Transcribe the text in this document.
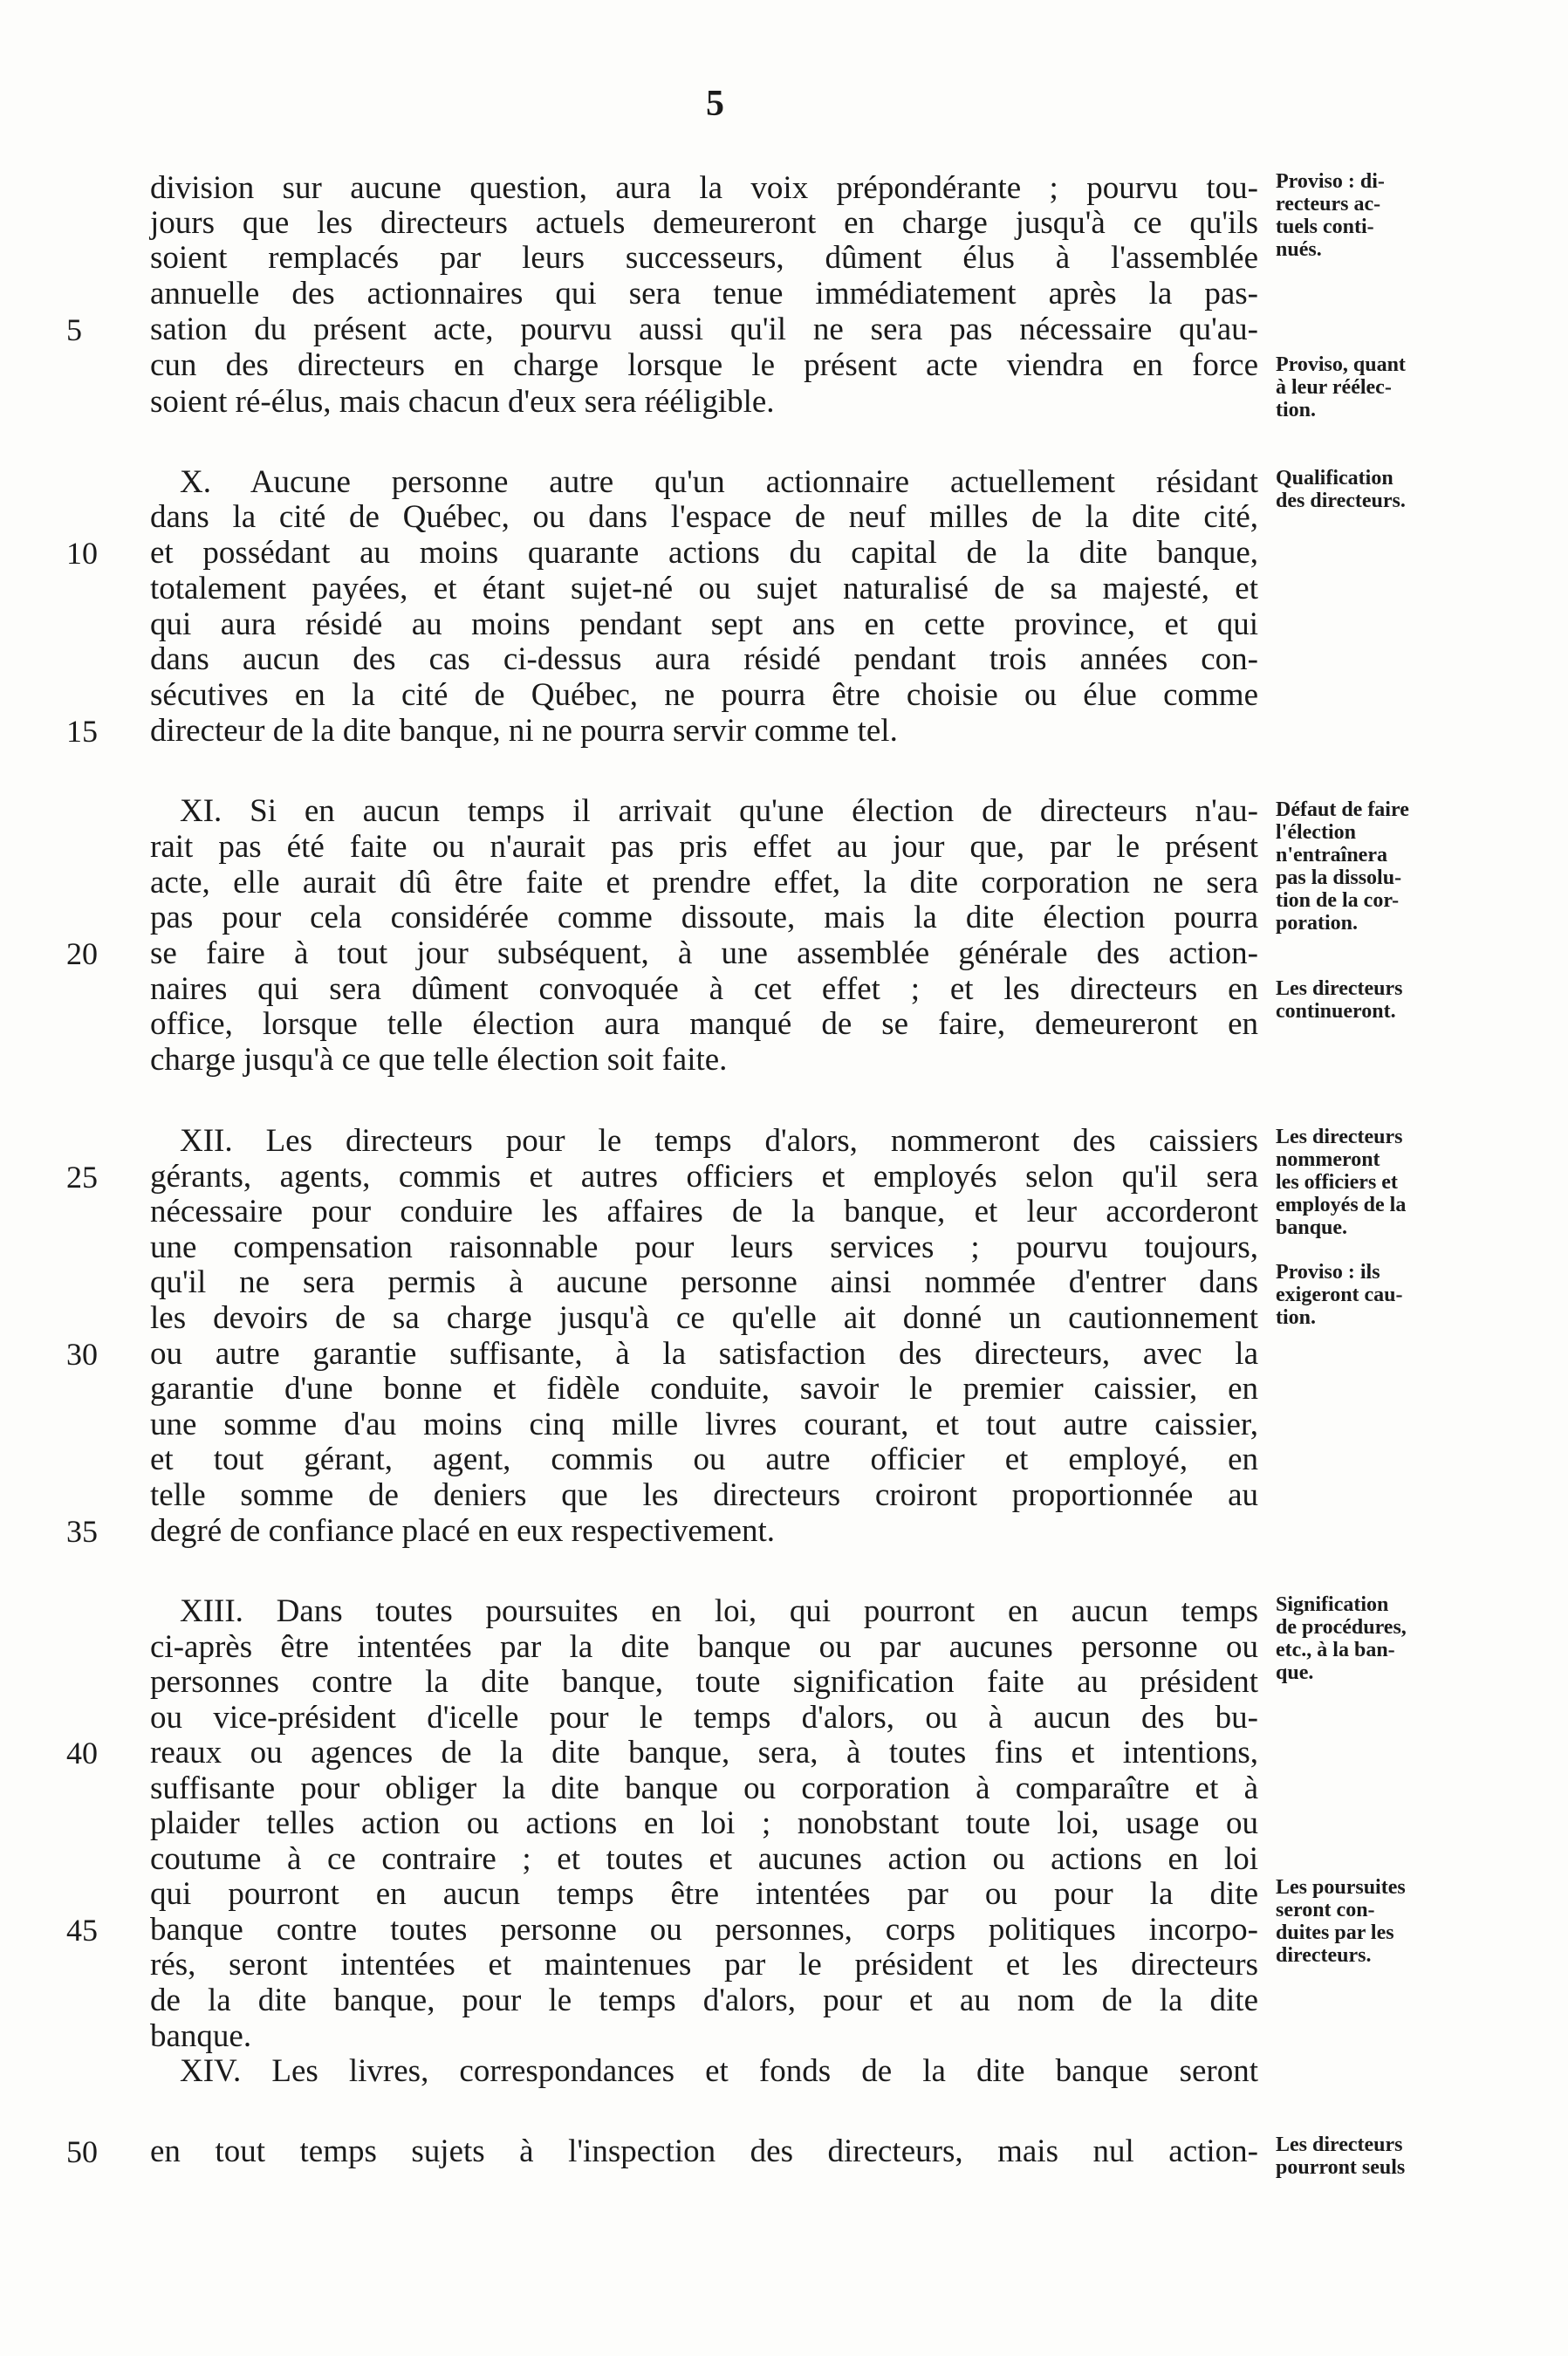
5
division sur aucune question, aura la voix prépondérante ; pourvu tou-
jours que les directeurs actuels demeureront en charge jusqu'à ce qu'ils
soient remplacés par leurs successeurs, dûment élus à l'assemblée
annuelle des actionnaires qui sera tenue immédiatement après la pas-
sation du présent acte, pourvu aussi qu'il ne sera pas nécessaire qu'au-
5
cun des directeurs en charge lorsque le présent acte viendra en force
soient ré-élus, mais chacun d'eux sera rééligible.
X. Aucune personne autre qu'un actionnaire actuellement résidant
dans la cité de Québec, ou dans l'espace de neuf milles de la dite cité,
et possédant au moins quarante actions du capital de la dite banque,
10
totalement payées, et étant sujet-né ou sujet naturalisé de sa majesté, et
qui aura résidé au moins pendant sept ans en cette province, et qui
dans aucun des cas ci-dessus aura résidé pendant trois années con-
sécutives en la cité de Québec, ne pourra être choisie ou élue comme
directeur de la dite banque, ni ne pourra servir comme tel.
15
XI. Si en aucun temps il arrivait qu'une élection de directeurs n'au-
rait pas été faite ou n'aurait pas pris effet au jour que, par le présent
acte, elle aurait dû être faite et prendre effet, la dite corporation ne sera
pas pour cela considérée comme dissoute, mais la dite élection pourra
se faire à tout jour subséquent, à une assemblée générale des action-
20
naires qui sera dûment convoquée à cet effet ; et les directeurs en
office, lorsque telle élection aura manqué de se faire, demeureront en
charge jusqu'à ce que telle élection soit faite.
XII. Les directeurs pour le temps d'alors, nommeront des caissiers
gérants, agents, commis et autres officiers et employés selon qu'il sera
25
nécessaire pour conduire les affaires de la banque, et leur accorderont
une compensation raisonnable pour leurs services ; pourvu toujours,
qu'il ne sera permis à aucune personne ainsi nommée d'entrer dans
les devoirs de sa charge jusqu'à ce qu'elle ait donné un cautionnement
ou autre garantie suffisante, à la satisfaction des directeurs, avec la
30
garantie d'une bonne et fidèle conduite, savoir le premier caissier, en
une somme d'au moins cinq mille livres courant, et tout autre caissier,
et tout gérant, agent, commis ou autre officier et employé, en
telle somme de deniers que les directeurs croiront proportionnée au
degré de confiance placé en eux respectivement.
35
XIII. Dans toutes poursuites en loi, qui pourront en aucun temps
ci-après être intentées par la dite banque ou par aucunes personne ou
personnes contre la dite banque, toute signification faite au président
ou vice-président d'icelle pour le temps d'alors, ou à aucun des bu-
reaux ou agences de la dite banque, sera, à toutes fins et intentions,
40
suffisante pour obliger la dite banque ou corporation à comparaître et à
plaider telles action ou actions en loi ; nonobstant toute loi, usage ou
coutume à ce contraire ; et toutes et aucunes action ou actions en loi
qui pourront en aucun temps être intentées par ou pour la dite
banque contre toutes personne ou personnes, corps politiques incorpo-
45
rés, seront intentées et maintenues par le président et les directeurs
de la dite banque, pour le temps d'alors, pour et au nom de la dite
banque.
XIV. Les livres, correspondances et fonds de la dite banque seront
en tout temps sujets à l'inspection des directeurs, mais nul action-
50
Proviso : di-
recteurs ac-
tuels conti-
nués.
Proviso, quant
à leur réélec-
tion.
Qualification
des directeurs.
Défaut de faire
l'élection
n'entraînera
pas la dissolu-
tion de la cor-
poration.
Les directeurs
continueront.
Les directeurs
nommeront
les officiers et
employés de la
banque.
Proviso : ils
exigeront cau-
tion.
Signification
de procédures,
etc., à la ban-
que.
Les poursuites
seront con-
duites par les
directeurs.
Les directeurs
pourront seuls
